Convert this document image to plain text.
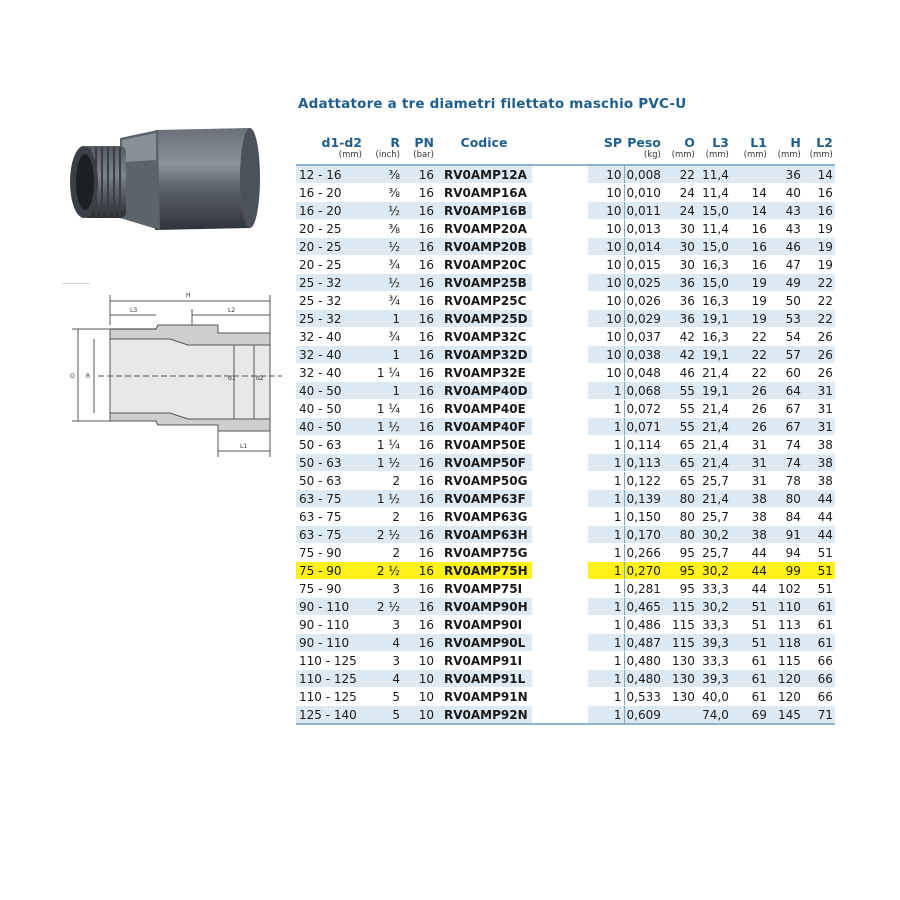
Adattatore a tre diametri filettato maschio PVC-U
H
L3	L2
L1
O R	d1	d2
d1-d2	R	PN	Codice		SP	Peso	O	L3	L1	H	L2
(mm)	(inch)	(bar)				(kg)	(mm)	(mm)	(mm)	(mm)	(mm)
12 - 16	⅜	16	RV0AMP12A		10	0,008	22	11,4		36	14
16 - 20	⅜	16	RV0AMP16A		10	0,010	24	11,4	14	40	16
16 - 20	½	16	RV0AMP16B		10	0,011	24	15,0	14	43	16
20 - 25	⅜	16	RV0AMP20A		10	0,013	30	11,4	16	43	19
20 - 25	½	16	RV0AMP20B		10	0,014	30	15,0	16	46	19
20 - 25	¾	16	RV0AMP20C		10	0,015	30	16,3	16	47	19
25 - 32	½	16	RV0AMP25B		10	0,025	36	15,0	19	49	22
25 - 32	¾	16	RV0AMP25C		10	0,026	36	16,3	19	50	22
25 - 32	1	16	RV0AMP25D		10	0,029	36	19,1	19	53	22
32 - 40	¾	16	RV0AMP32C		10	0,037	42	16,3	22	54	26
32 - 40	1	16	RV0AMP32D		10	0,038	42	19,1	22	57	26
32 - 40	1 ¼	16	RV0AMP32E		10	0,048	46	21,4	22	60	26
40 - 50	1	16	RV0AMP40D		1	0,068	55	19,1	26	64	31
40 - 50	1 ¼	16	RV0AMP40E		1	0,072	55	21,4	26	67	31
40 - 50	1 ½	16	RV0AMP40F		1	0,071	55	21,4	26	67	31
50 - 63	1 ¼	16	RV0AMP50E		1	0,114	65	21,4	31	74	38
50 - 63	1 ½	16	RV0AMP50F		1	0,113	65	21,4	31	74	38
50 - 63	2	16	RV0AMP50G		1	0,122	65	25,7	31	78	38
63 - 75	1 ½	16	RV0AMP63F		1	0,139	80	21,4	38	80	44
63 - 75	2	16	RV0AMP63G		1	0,150	80	25,7	38	84	44
63 - 75	2 ½	16	RV0AMP63H		1	0,170	80	30,2	38	91	44
75 - 90	2	16	RV0AMP75G		1	0,266	95	25,7	44	94	51
75 - 90	2 ½	16	RV0AMP75H		1	0,270	95	30,2	44	99	51
75 - 90	3	16	RV0AMP75I		1	0,281	95	33,3	44	102	51
90 - 110	2 ½	16	RV0AMP90H		1	0,465	115	30,2	51	110	61
90 - 110	3	16	RV0AMP90I		1	0,486	115	33,3	51	113	61
90 - 110	4	16	RV0AMP90L		1	0,487	115	39,3	51	118	61
110 - 125	3	10	RV0AMP91I		1	0,480	130	33,3	61	115	66
110 - 125	4	10	RV0AMP91L		1	0,480	130	39,3	61	120	66
110 - 125	5	10	RV0AMP91N		1	0,533	130	40,0	61	120	66
125 - 140	5	10	RV0AMP92N		1	0,609		74,0	69	145	71
